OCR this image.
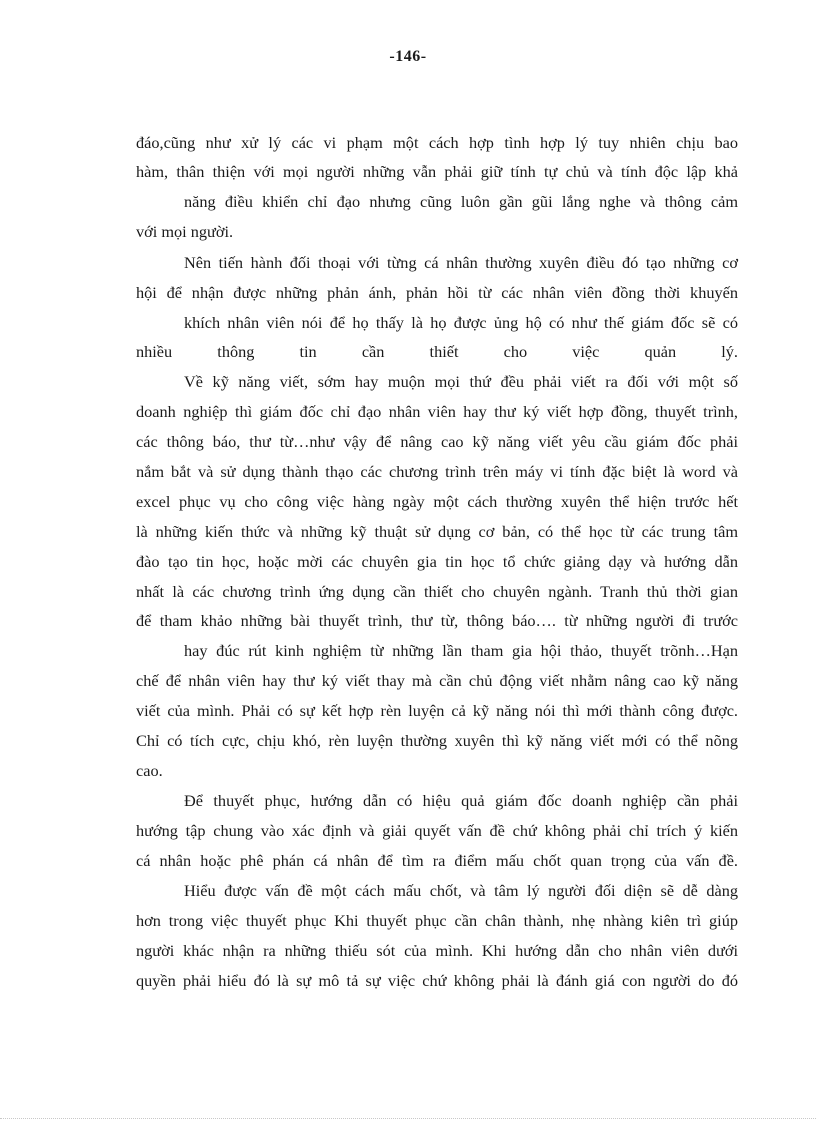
-146-
đáo,cũng như xử lý các vi phạm một cách hợp tình hợp lý tuy nhiên chịu bao
hàm, thân thiện với mọi người những vẫn phải giữ tính tự chủ và tính độc lập khả
năng điều khiển chỉ đạo nhưng cũng luôn gần gũi lắng nghe và thông cảm
với mọi người.
Nên tiến hành đối thoại với từng cá nhân thường xuyên điều đó tạo những cơ
hội để nhận được những phản ánh, phản hồi từ các nhân viên đồng thời khuyến
khích nhân viên nói để họ thấy là họ được ủng hộ có như thế giám đốc sẽ có
nhiều thông tin cần thiết cho việc quản lý.
Về kỹ năng viết, sớm hay muộn mọi thứ đều phải viết ra đối với một số
doanh nghiệp thì giám đốc chỉ đạo nhân viên hay thư ký viết hợp đồng, thuyết trình,
các thông báo, thư từ…như vậy để nâng cao kỹ năng viết yêu cầu giám đốc phải
nắm bắt và sử dụng thành thạo các chương trình trên máy vi tính đặc biệt là word và
excel phục vụ cho công việc hàng ngày một cách thường xuyên thể hiện trước hết
là những kiến thức và những kỹ thuật sử dụng cơ bản, có thể học từ các trung tâm
đào tạo tin học, hoặc mời các chuyên gia tin học tổ chức giảng dạy và hướng dẫn
nhất là các chương trình ứng dụng cần thiết cho chuyên ngành. Tranh thủ thời gian
để tham khảo những bài thuyết trình, thư từ, thông báo…. từ những người đi trước
hay đúc rút kinh nghiệm từ những lần tham gia hội thảo, thuyết trõnh…Hạn
chế để nhân viên hay thư ký viết thay mà cần chủ động viết nhằm nâng cao kỹ năng
viết của mình. Phải có sự kết hợp rèn luyện cả kỹ năng nói thì mới thành công được.
Chỉ có tích cực, chịu khó, rèn luyện thường xuyên thì kỹ năng viết mới có thể nõng
cao.
Để thuyết phục, hướng dẫn có hiệu quả giám đốc doanh nghiệp cần phải
hướng tập chung vào xác định và giải quyết vấn đề chứ không phải chỉ trích ý kiến
cá nhân hoặc phê phán cá nhân để tìm ra điểm mấu chốt quan trọng của vấn đề.
Hiểu được vấn đề một cách mấu chốt, và tâm lý người đối diện sẽ dễ dàng
hơn trong việc thuyết phục Khi thuyết phục cần chân thành, nhẹ nhàng kiên trì giúp
người khác nhận ra những thiếu sót của mình. Khi hướng dẫn cho nhân viên dưới
quyền phải hiểu đó là sự mô tả sự việc chứ không phải là đánh giá con người do đó
